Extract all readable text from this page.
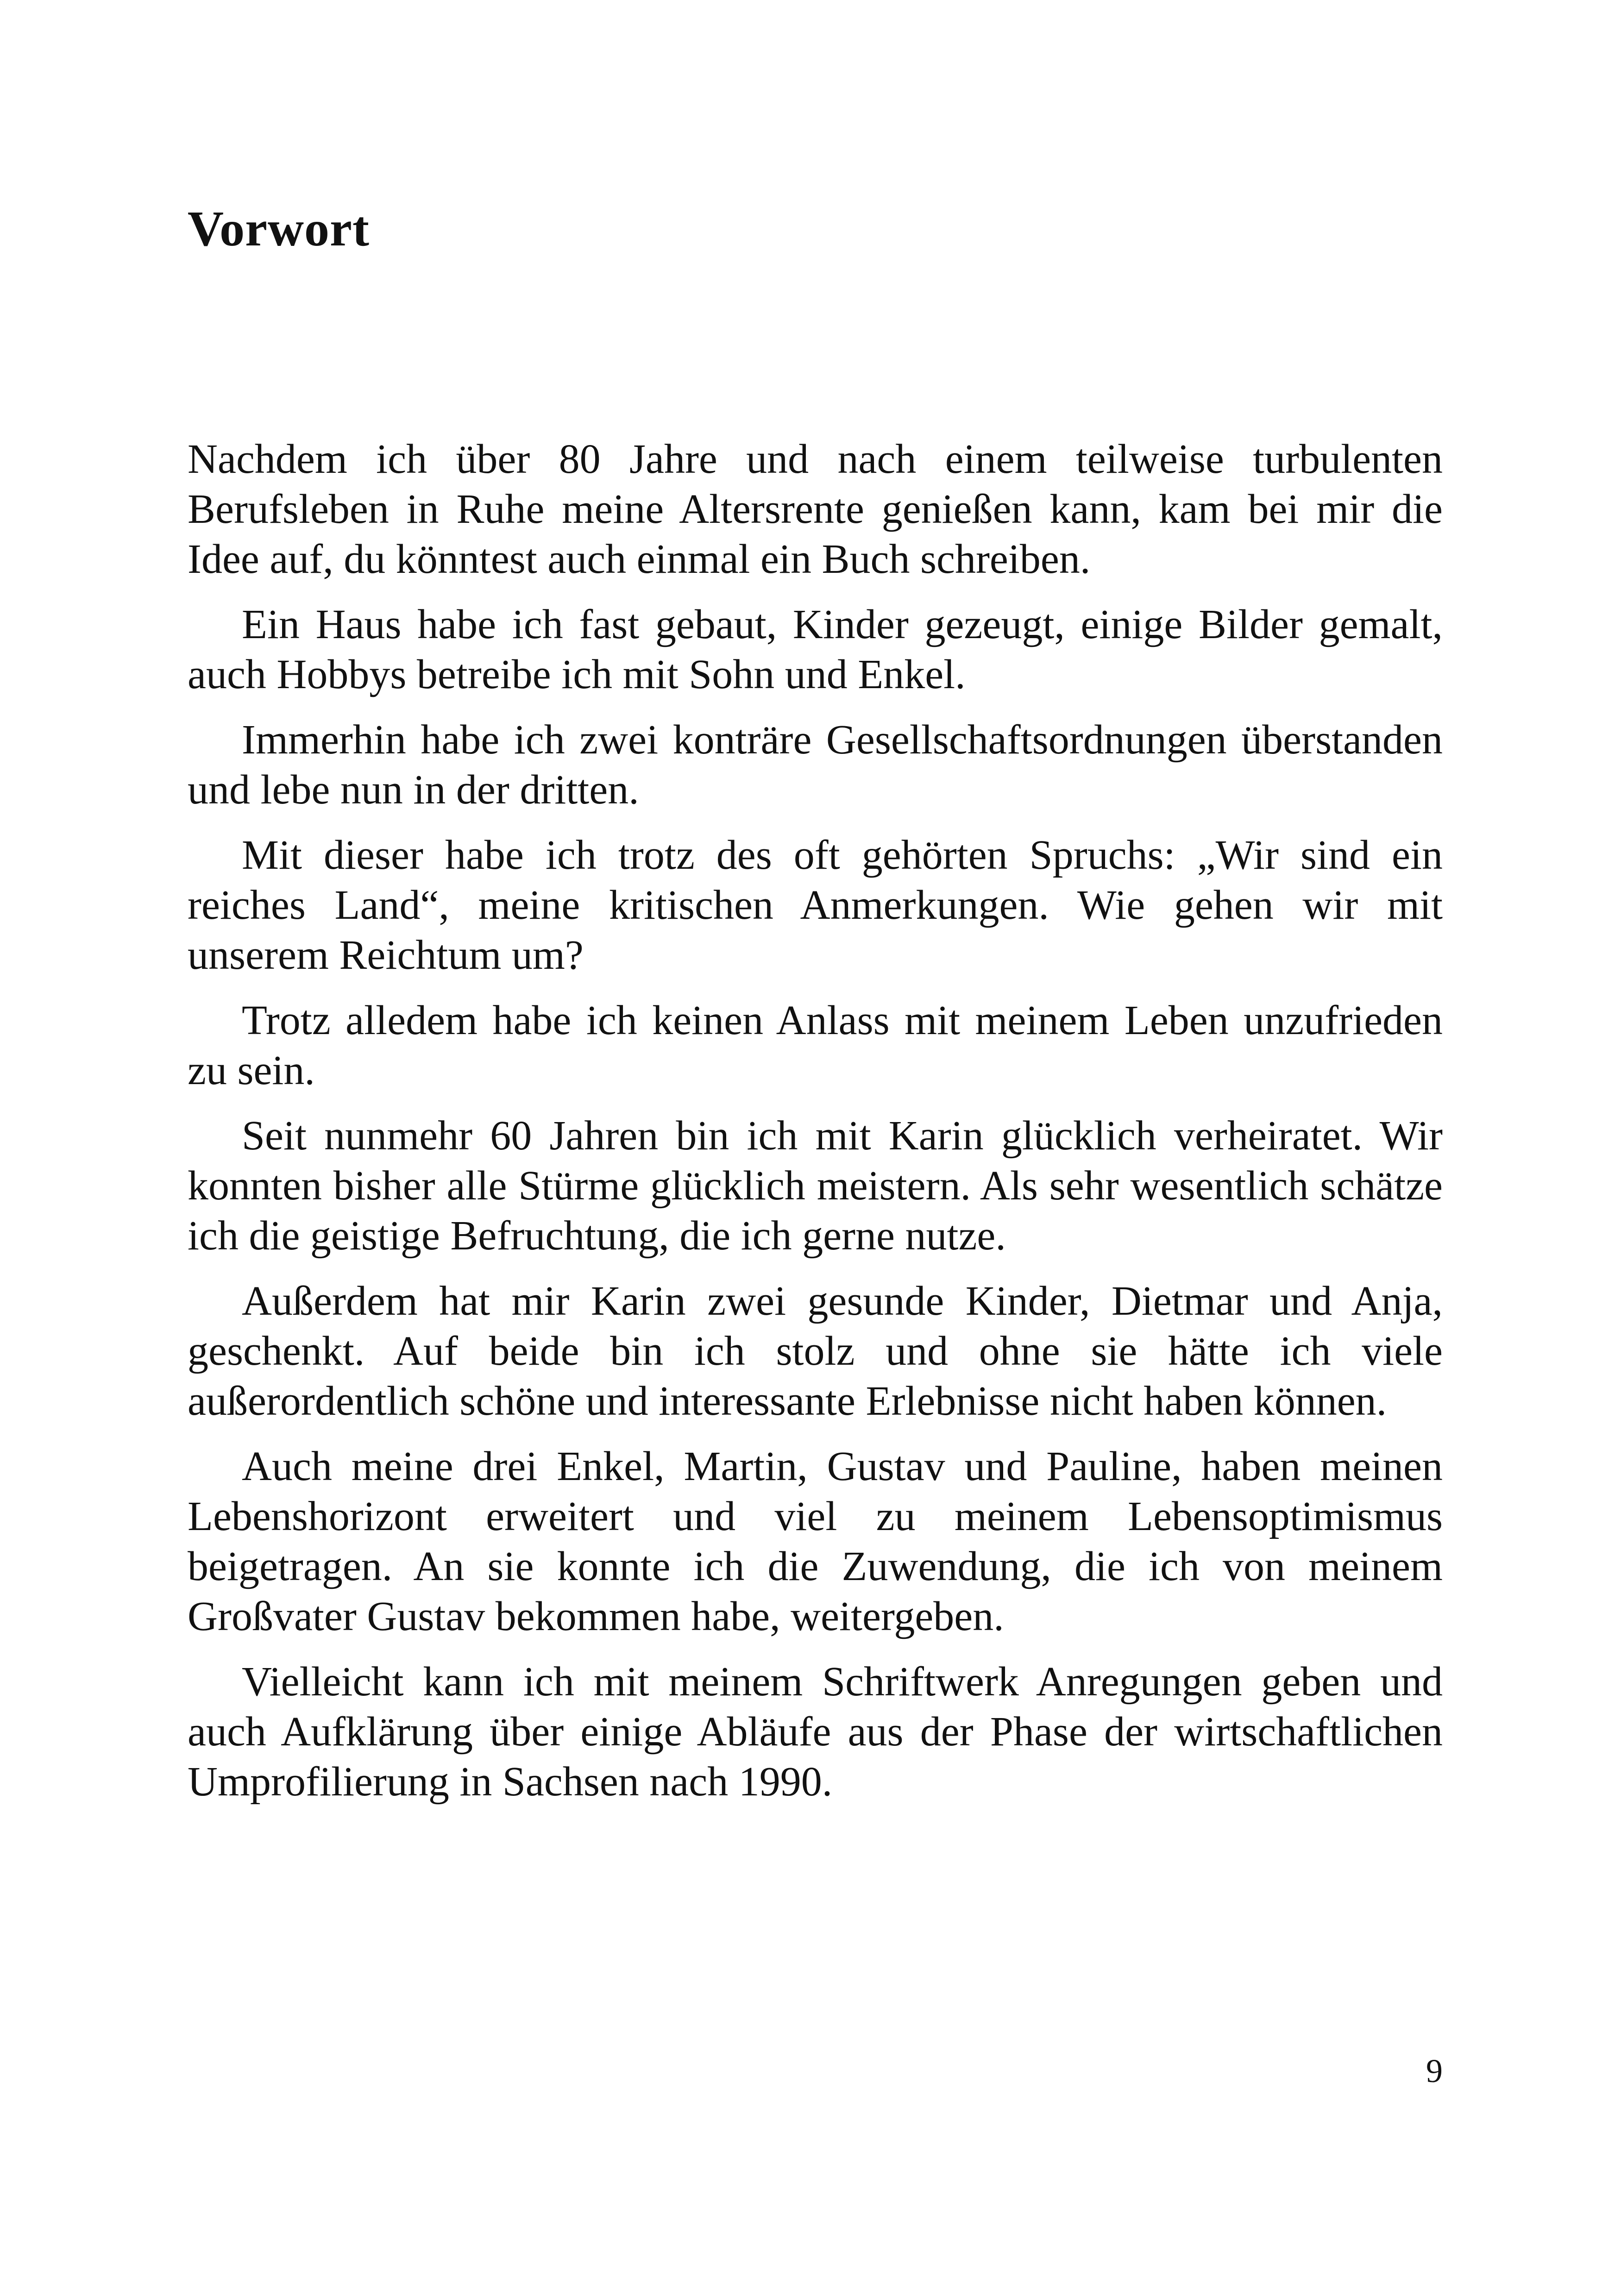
Vorwort

Nachdem ich über 80 Jahre und nach einem teilweise turbulenten Berufsleben in Ruhe meine Altersrente genießen kann, kam bei mir die Idee auf, du könntest auch einmal ein Buch schreiben.

Ein Haus habe ich fast gebaut, Kinder gezeugt, einige Bilder gemalt, auch Hobbys betreibe ich mit Sohn und Enkel.

Immerhin habe ich zwei konträre Gesellschaftsordnungen überstanden und lebe nun in der dritten.

Mit dieser habe ich trotz des oft gehörten Spruchs: „Wir sind ein reiches Land“, meine kritischen Anmerkungen. Wie gehen wir mit unserem Reichtum um?

Trotz alledem habe ich keinen Anlass mit meinem Leben unzufrieden zu sein.

Seit nunmehr 60 Jahren bin ich mit Karin glücklich verheiratet. Wir konnten bisher alle Stürme glücklich meistern. Als sehr wesentlich schätze ich die geistige Befruchtung, die ich gerne nutze.

Außerdem hat mir Karin zwei gesunde Kinder, Dietmar und Anja, geschenkt. Auf beide bin ich stolz und ohne sie hätte ich viele außerordentlich schöne und interessante Erlebnisse nicht haben können.

Auch meine drei Enkel, Martin, Gustav und Pauline, haben meinen Lebenshorizont erweitert und viel zu meinem Lebensoptimismus beigetragen. An sie konnte ich die Zuwendung, die ich von meinem Großvater Gustav bekommen habe, weitergeben.

Vielleicht kann ich mit meinem Schriftwerk Anregungen geben und auch Aufklärung über einige Abläufe aus der Phase der wirtschaftlichen Umprofilierung in Sachsen nach 1990.

9
